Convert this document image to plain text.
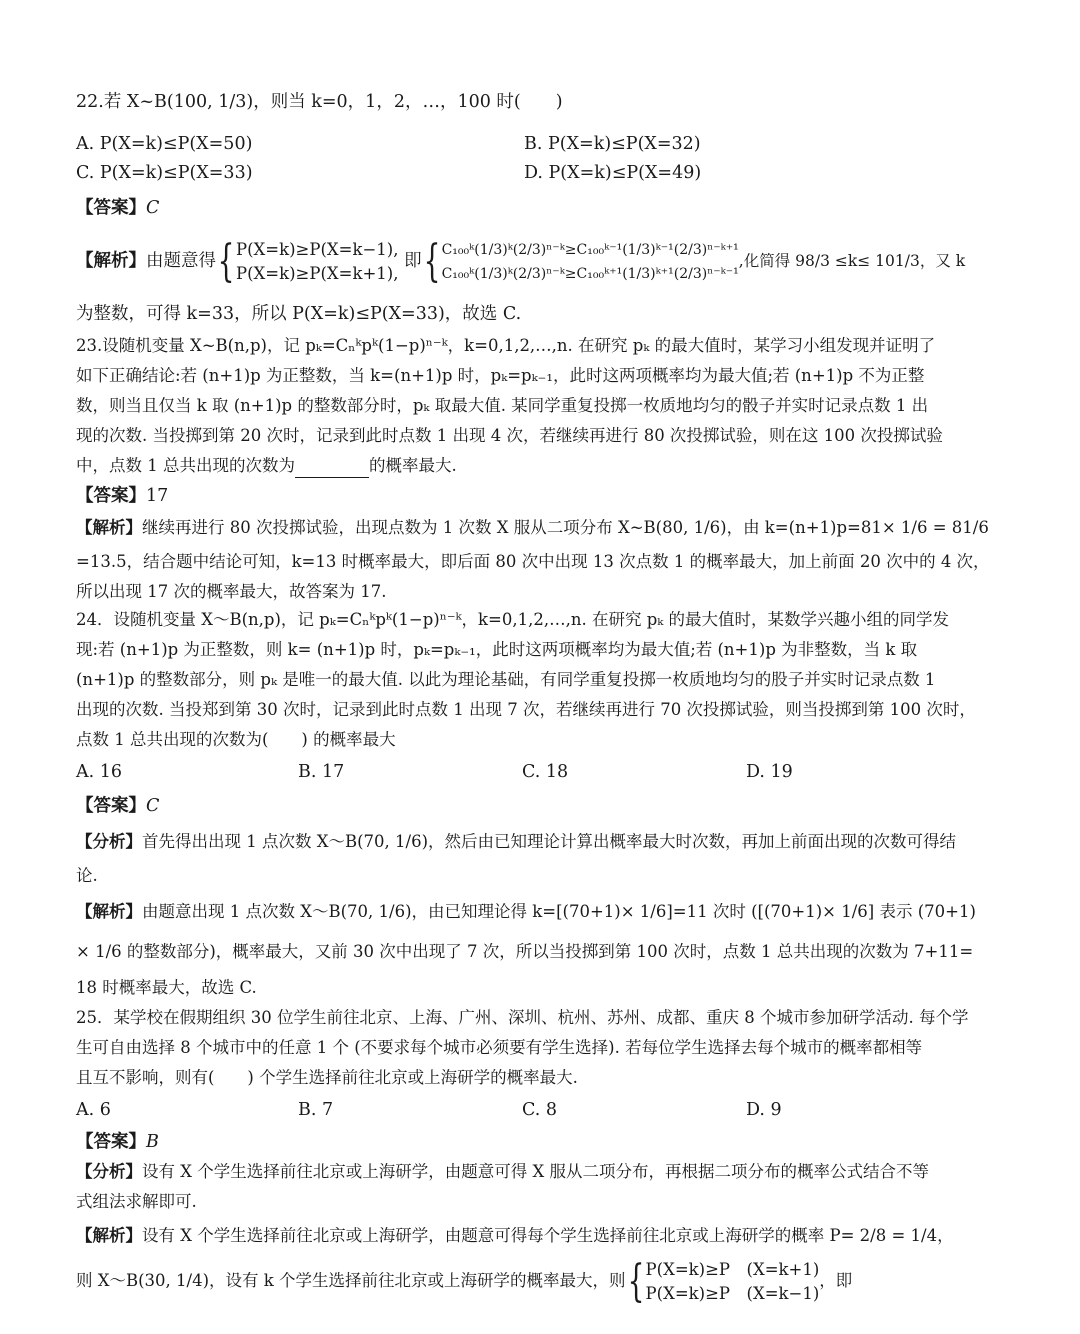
22.若 X~B(100, 1/3)，则当 k=0，1，2，…，100 时(　　)
A. P(X=k)≤P(X=50)	B. P(X=k)≤P(X=32)
C. P(X=k)≤P(X=33)	D. P(X=k)≤P(X=49)
【答案】C
【解析】由题意得{ P(X=k)≥P(X=k−1),
P(X=k)≥P(X=k+1),
即{ C₁₀₀ᵏ(1/3)ᵏ(2/3)ⁿ⁻ᵏ≥C₁₀₀ᵏ⁻¹(1/3)ᵏ⁻¹(2/3)ⁿ⁻ᵏ⁺¹
C₁₀₀ᵏ(1/3)ᵏ(2/3)ⁿ⁻ᵏ≥C₁₀₀ᵏ⁺¹(1/3)ᵏ⁺¹(2/3)ⁿ⁻ᵏ⁻¹
,化简得 98/3 ≤k≤ 101/3，又 k
为整数，可得 k=33，所以 P(X=k)≤P(X=33)，故选 C.
23.设随机变量 X~B(n,p)，记 pₖ=Cₙᵏpᵏ(1−p)ⁿ⁻ᵏ，k=0,1,2,…,n. 在研究 pₖ 的最大值时，某学习小组发现并证明了
如下正确结论:若 (n+1)p 为正整数，当 k=(n+1)p 时，pₖ=pₖ₋₁，此时这两项概率均为最大值;若 (n+1)p 不为正整
数，则当且仅当 k 取 (n+1)p 的整数部分时，pₖ 取最大值. 某同学重复投掷一枚质地均匀的骰子并实时记录点数 1 出
现的次数. 当投掷到第 20 次时，记录到此时点数 1 出现 4 次，若继续再进行 80 次投掷试验，则在这 100 次投掷试验
中，点数 1 总共出现的次数为	的概率最大.
【答案】17
【解析】继续再进行 80 次投掷试验，出现点数为 1 次数 X 服从二项分布 X~B(80, 1/6)，由 k=(n+1)p=81× 1/6 = 81/6
=13.5，结合题中结论可知，k=13 时概率最大，即后面 80 次中出现 13 次点数 1 的概率最大，加上前面 20 次中的 4 次，
所以出现 17 次的概率最大，故答案为 17.
24．设随机变量 X～B(n,p)，记 pₖ=Cₙᵏpᵏ(1−p)ⁿ⁻ᵏ，k=0,1,2,…,n. 在研究 pₖ 的最大值时，某数学兴趣小组的同学发
现:若 (n+1)p 为正整数，则 k= (n+1)p 时，pₖ=pₖ₋₁，此时这两项概率均为最大值;若 (n+1)p 为非整数，当 k 取
(n+1)p 的整数部分，则 pₖ 是唯一的最大值. 以此为理论基础，有同学重复投掷一枚质地均匀的股子并实时记录点数 1
出现的次数. 当投郑到第 30 次时，记录到此时点数 1 出现 7 次，若继续再进行 70 次投掷试验，则当投掷到第 100 次时，
点数 1 总共出现的次数为(　　) 的概率最大
A. 16	B. 17	C. 18	D. 19
【答案】C
【分析】首先得出出现 1 点次数 X～B(70, 1/6)，然后由已知理论计算出概率最大时次数，再加上前面出现的次数可得结
论.
【解析】由题意出现 1 点次数 X～B(70, 1/6)，由已知理论得 k=[(70+1)× 1/6]=11 次时 ([(70+1)× 1/6] 表示 (70+1)
× 1/6 的整数部分)，概率最大，又前 30 次中出现了 7 次，所以当投掷到第 100 次时，点数 1 总共出现的次数为 7+11=
18 时概率最大，故选 C.
25．某学校在假期组织 30 位学生前往北京、上海、广州、深圳、杭州、苏州、成都、重庆 8 个城市参加研学活动. 每个学
生可自由选择 8 个城市中的任意 1 个 (不要求每个城市必须要有学生选择). 若每位学生选择去每个城市的概率都相等
且互不影响，则有(　　) 个学生选择前往北京或上海研学的概率最大.
A. 6	B. 7	C. 8	D. 9
【答案】B
【分析】设有 X 个学生选择前往北京或上海研学，由题意可得 X 服从二项分布，再根据二项分布的概率公式结合不等
式组法求解即可.
【解析】设有 X 个学生选择前往北京或上海研学，由题意可得每个学生选择前往北京或上海研学的概率 P= 2/8 = 1/4，
则 X～B(30, 1/4)，设有 k 个学生选择前往北京或上海研学的概率最大，则{ P(X=k)≥P　(X=k+1)
P(X=k)≥P　(X=k−1)
，即
